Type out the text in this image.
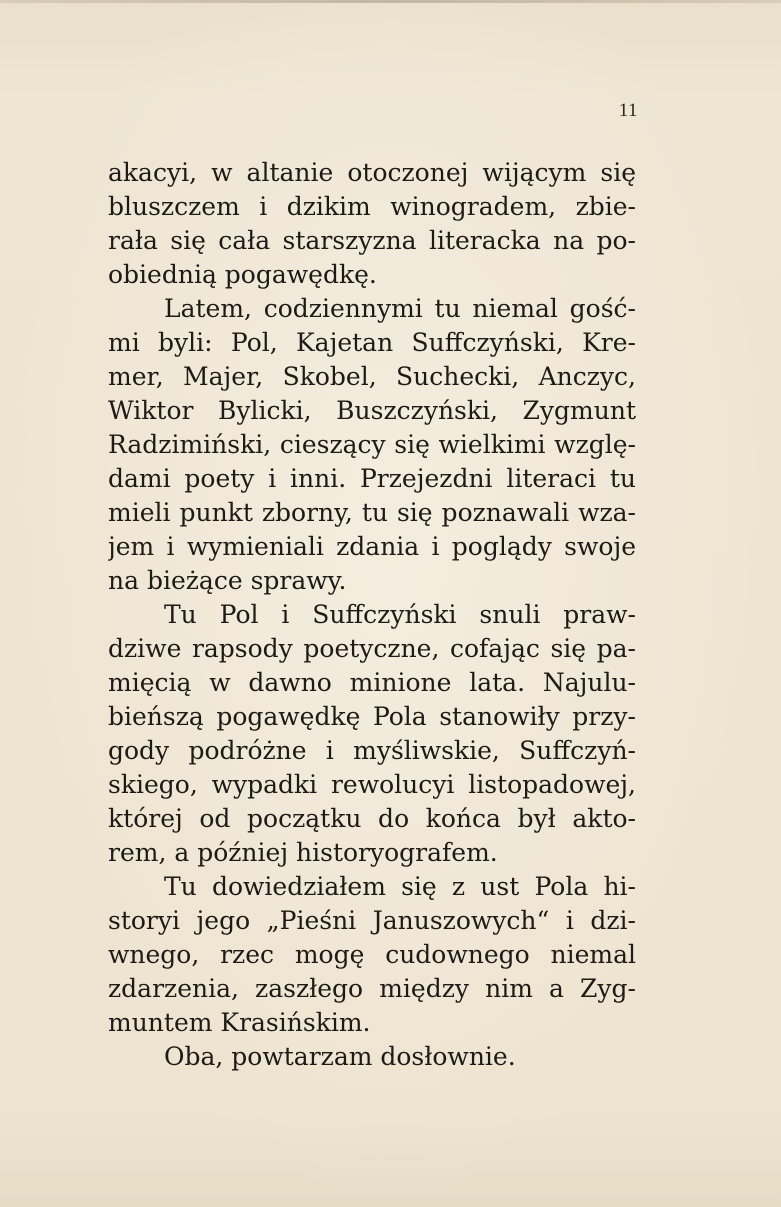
11
akacyi, w altanie otoczonej wijącym się
bluszczem i dzikim winogradem, zbie-
rała się cała starszyzna literacka na po-
obiednią pogawędkę.
Latem, codziennymi tu niemal gość-
mi byli: Pol, Kajetan Suffczyński, Kre-
mer, Majer, Skobel, Suchecki, Anczyc,
Wiktor Bylicki, Buszczyński, Zygmunt
Radzimiński, cieszący się wielkimi wzglę-
dami poety i inni. Przejezdni literaci tu
mieli punkt zborny, tu się poznawali wza-
jem i wymieniali zdania i poglądy swoje
na bieżące sprawy.
Tu Pol i Suffczyński snuli praw-
dziwe rapsody poetyczne, cofając się pa-
mięcią w dawno minione lata. Najulu-
bieńszą pogawędkę Pola stanowiły przy-
gody podróżne i myśliwskie, Suffczyń-
skiego, wypadki rewolucyi listopadowej,
której od początku do końca był akto-
rem, a później historyografem.
Tu dowiedziałem się z ust Pola hi-
storyi jego „Pieśni Januszowych“ i dzi-
wnego, rzec mogę cudownego niemal
zdarzenia, zaszłego między nim a Zyg-
muntem Krasińskim.
Oba, powtarzam dosłownie.
